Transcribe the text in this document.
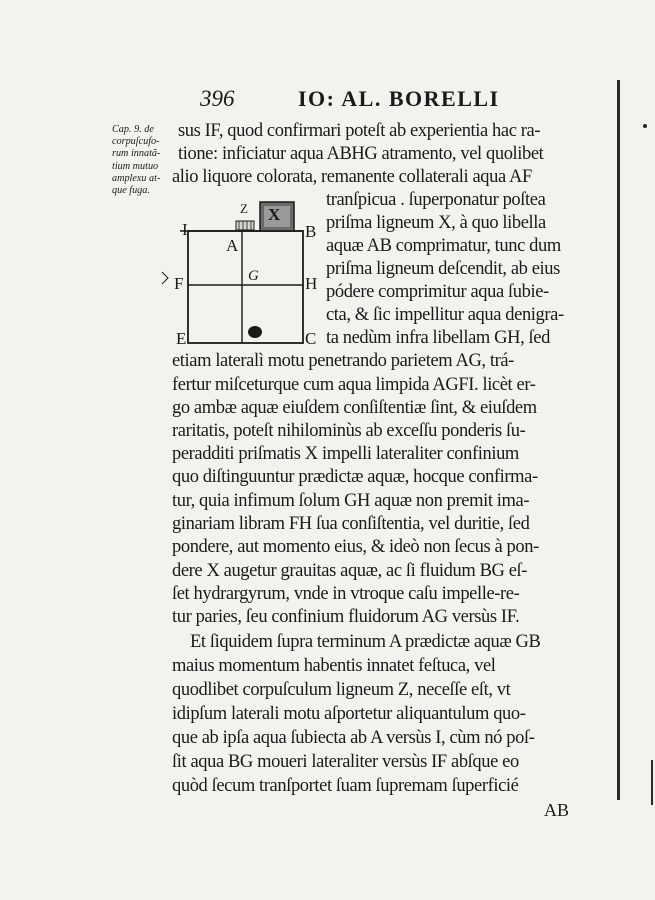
396	IO: AL. BORELLI
Cap. 9. de
corpuſcufo-
rum innatã-
tium mutuo
amplexu at-
que fuga.
I	B
A
X
Z
F	G	H
E	C
sus IF, quod confirmari poteſt ab experientia hac ra-
tione: inficiatur aqua ABHG atramento, vel quolibet
alio liquore colorata, remanente collaterali aqua AF
tranſpicua . ſuperponatur poſtea
priſma ligneum X, à quo libella
aquæ AB comprimatur, tunc dum
priſma ligneum deſcendit, ab eius
pódere comprimitur aqua ſubie-
cta, & ſic impellitur aqua denigra-
ta nedùm infra libellam GH, ſed
etiam lateralì motu penetrando parietem AG, trá-
fertur miſceturque cum aqua limpida AGFI. licèt er-
go ambæ aquæ eiuſdem conſiſtentiæ ſint, & eiuſdem
raritatis, poteſt nihilominùs ab exceſſu ponderis ſu-
peradditi priſmatis X impelli lateraliter confinium
quo diſtinguuntur prædictæ aquæ, hocque confirma-
tur, quia infimum ſolum GH aquæ non premit ima-
ginariam libram FH ſua conſiſtentia, vel duritie, ſed
pondere, aut momento eius, & ideò non ſecus à pon-
dere X augetur grauitas aquæ, ac ſi fluidum BG eſ-
ſet hydrargyrum, vnde in vtroque caſu impelle-re-
tur paries, ſeu confinium fluidorum AG versùs IF.
Et ſiquidem ſupra terminum A prædictæ aquæ GB
maius momentum habentis innatet feſtuca, vel
quodlibet corpuſculum ligneum Z, neceſſe eſt, vt
idipſum laterali motu aſportetur aliquantulum quo-
que ab ipſa aqua ſubiecta ab A versùs I, cùm nó poſ-
ſit aqua BG moueri lateraliter versùs IF abſque eo
quòd ſecum tranſportet ſuam ſupremam ſuperficié
AB
